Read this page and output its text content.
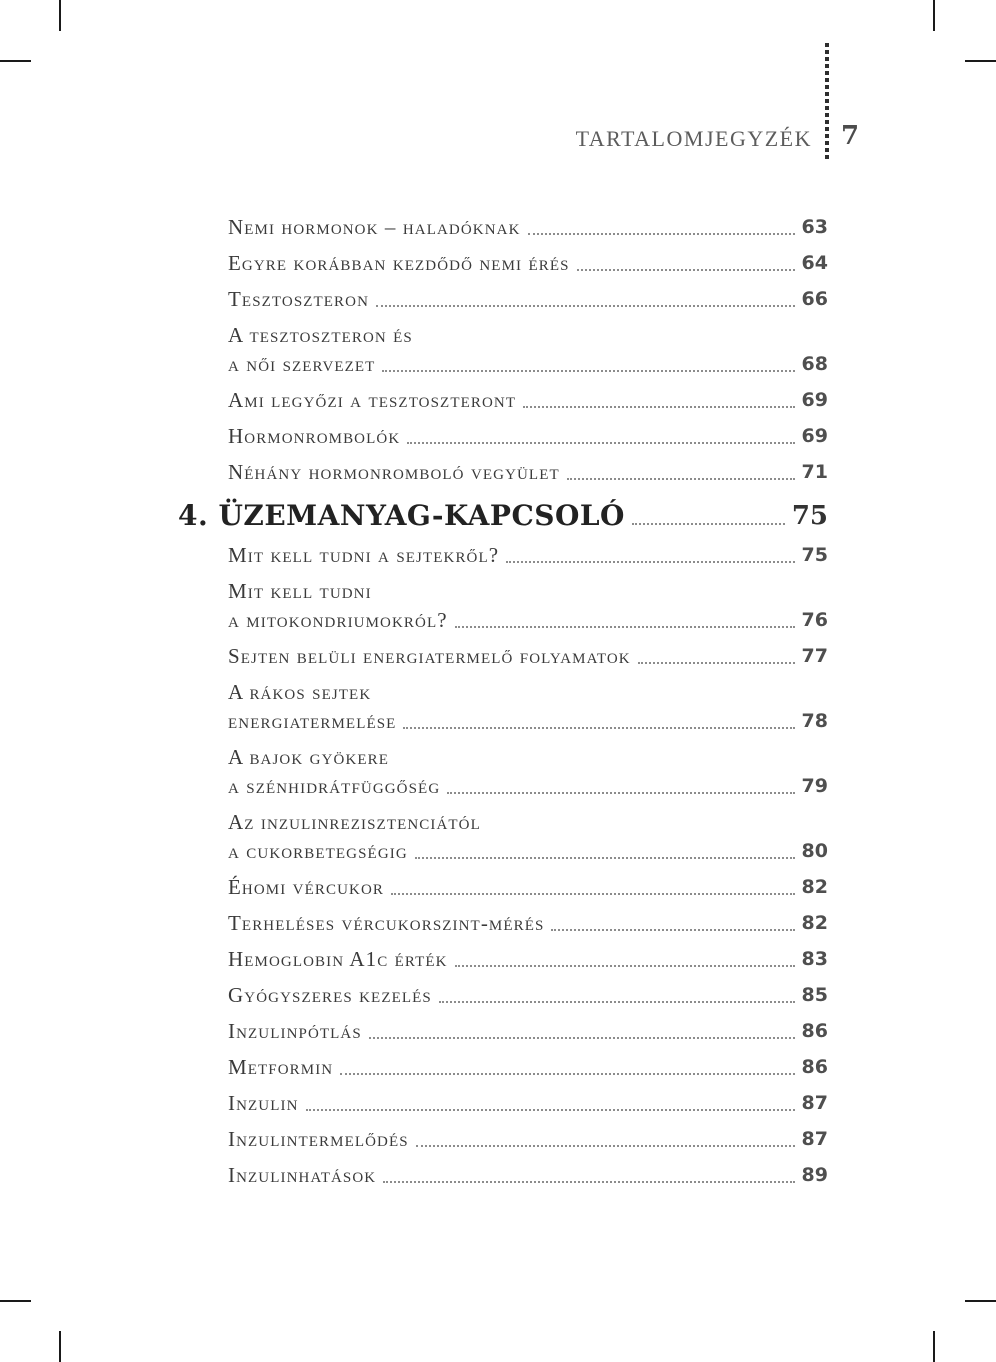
TARTALOMJEGYZÉK 7
Nemi hormonok – haladóknak	63
Egyre korábban kezdődő nemi érés	64
Tesztoszteron	66
A tesztoszteron és
a női szervezet	68
Ami legyőzi a tesztoszteront	69
Hormonrombolók	69
Néhány hormonromboló vegyület	71
4. ÜZEMANYAG-KAPCSOLÓ	75
Mit kell tudni a sejtekről?	75
Mit kell tudni
a mitokondriumokról?	76
Sejten belüli energiatermelő folyamatok	77
A rákos sejtek
energiatermelése	78
A bajok gyökere
a szénhidrátfüggőség	79
Az inzulinrezisztenciától
a cukorbetegségig	80
Éhomi vércukor	82
Terheléses vércukorszint-mérés	82
Hemoglobin A1c érték	83
Gyógyszeres kezelés	85
Inzulinpótlás	86
Metformin	86
Inzulin	87
Inzulintermelődés	87
Inzulinhatások	89
